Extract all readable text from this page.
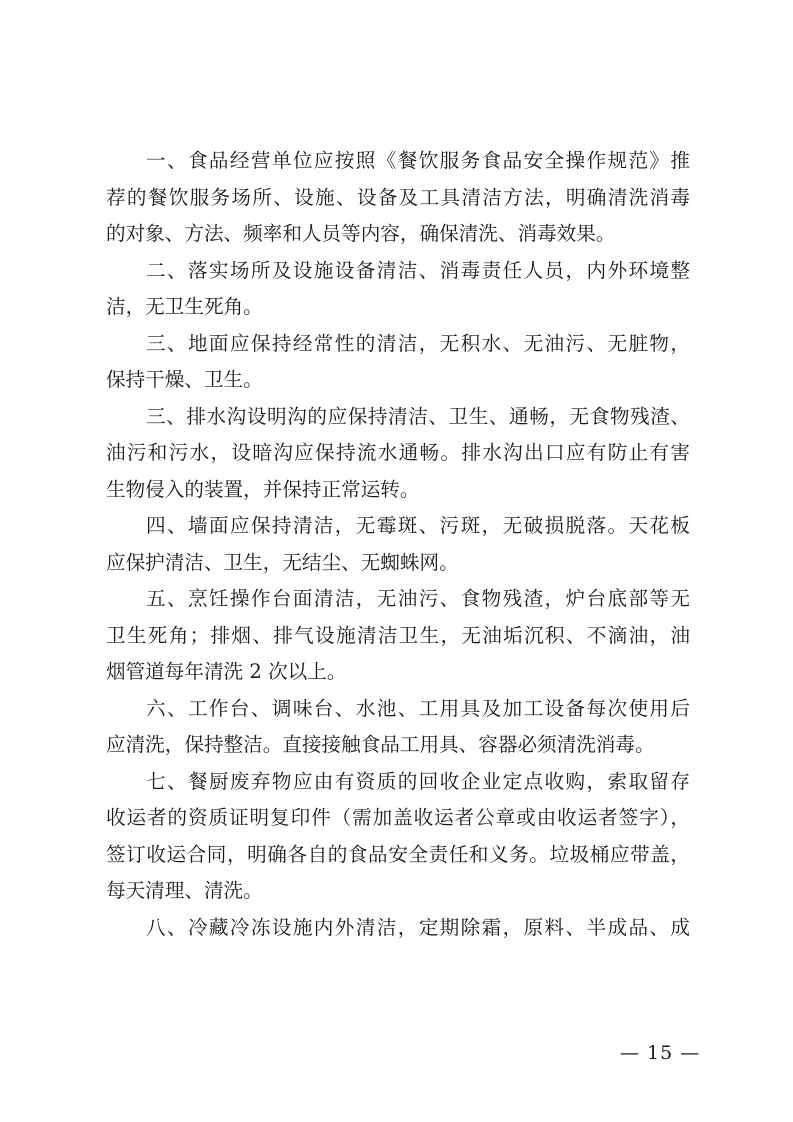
一、食品经营单位应按照《餐饮服务食品安全操作规范》推
荐的餐饮服务场所、设施、设备及工具清洁方法，明确清洗消毒
的对象、方法、频率和人员等内容，确保清洗、消毒效果。

二、落实场所及设施设备清洁、消毒责任人员，内外环境整
洁，无卫生死角。

三、地面应保持经常性的清洁，无积水、无油污、无脏物，
保持干燥、卫生。

三、排水沟设明沟的应保持清洁、卫生、通畅，无食物残渣、
油污和污水，设暗沟应保持流水通畅。排水沟出口应有防止有害
生物侵入的装置，并保持正常运转。

四、墙面应保持清洁，无霉斑、污斑，无破损脱落。天花板
应保护清洁、卫生，无结尘、无蜘蛛网。

五、烹饪操作台面清洁，无油污、食物残渣，炉台底部等无
卫生死角；排烟、排气设施清洁卫生，无油垢沉积、不滴油，油
烟管道每年清洗 2 次以上。

六、工作台、调味台、水池、工用具及加工设备每次使用后
应清洗，保持整洁。直接接触食品工用具、容器必须清洗消毒。

七、餐厨废弃物应由有资质的回收企业定点收购，索取留存
收运者的资质证明复印件（需加盖收运者公章或由收运者签字），
签订收运合同，明确各自的食品安全责任和义务。垃圾桶应带盖，
每天清理、清洗。

八、冷藏冷冻设施内外清洁，定期除霜，原料、半成品、成

— 15 —
